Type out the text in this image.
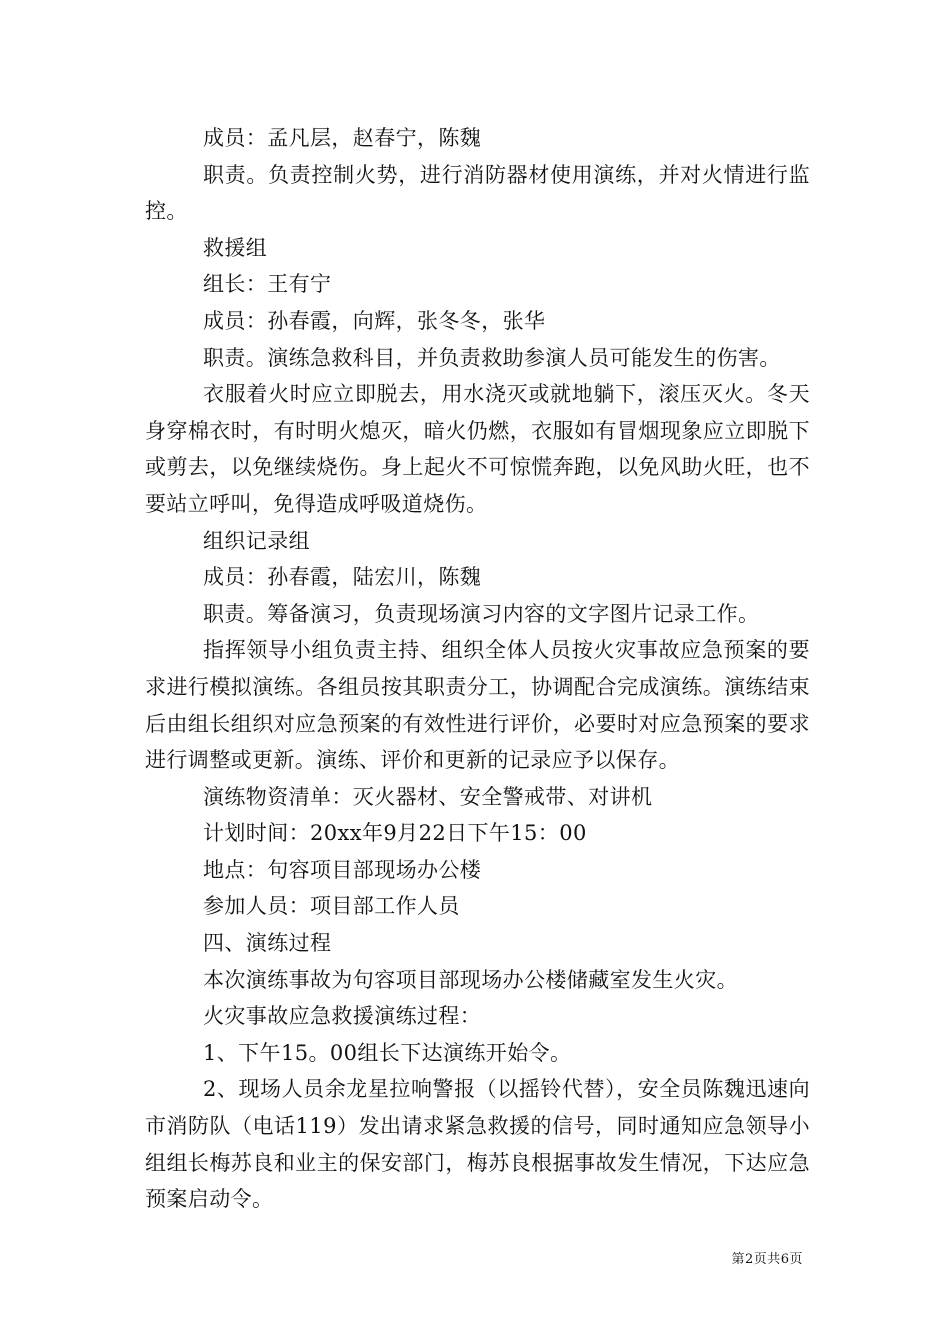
成员：孟凡层，赵春宁，陈魏

职责。负责控制火势，进行消防器材使用演练，并对火情进行监控。

救援组

组长：王有宁

成员：孙春霞，向辉，张冬冬，张华

职责。演练急救科目，并负责救助参演人员可能发生的伤害。

衣服着火时应立即脱去，用水浇灭或就地躺下，滚压灭火。冬天身穿棉衣时，有时明火熄灭，暗火仍燃，衣服如有冒烟现象应立即脱下或剪去，以免继续烧伤。身上起火不可惊慌奔跑，以免风助火旺，也不要站立呼叫，免得造成呼吸道烧伤。

组织记录组

成员：孙春霞，陆宏川，陈魏

职责。筹备演习，负责现场演习内容的文字图片记录工作。

指挥领导小组负责主持、组织全体人员按火灾事故应急预案的要求进行模拟演练。各组员按其职责分工，协调配合完成演练。演练结束后由组长组织对应急预案的有效性进行评价，必要时对应急预案的要求进行调整或更新。演练、评价和更新的记录应予以保存。

演练物资清单：灭火器材、安全警戒带、对讲机

计划时间：20xx年9月22日下午15：00

地点：句容项目部现场办公楼

参加人员：项目部工作人员

四、演练过程

本次演练事故为句容项目部现场办公楼储藏室发生火灾。

火灾事故应急救援演练过程：

1、下午15。00组长下达演练开始令。

2、现场人员余龙星拉响警报（以摇铃代替），安全员陈魏迅速向市消防队（电话119）发出请求紧急救援的信号，同时通知应急领导小组组长梅苏良和业主的保安部门，梅苏良根据事故发生情况，下达应急预案启动令。

第2页共6页
